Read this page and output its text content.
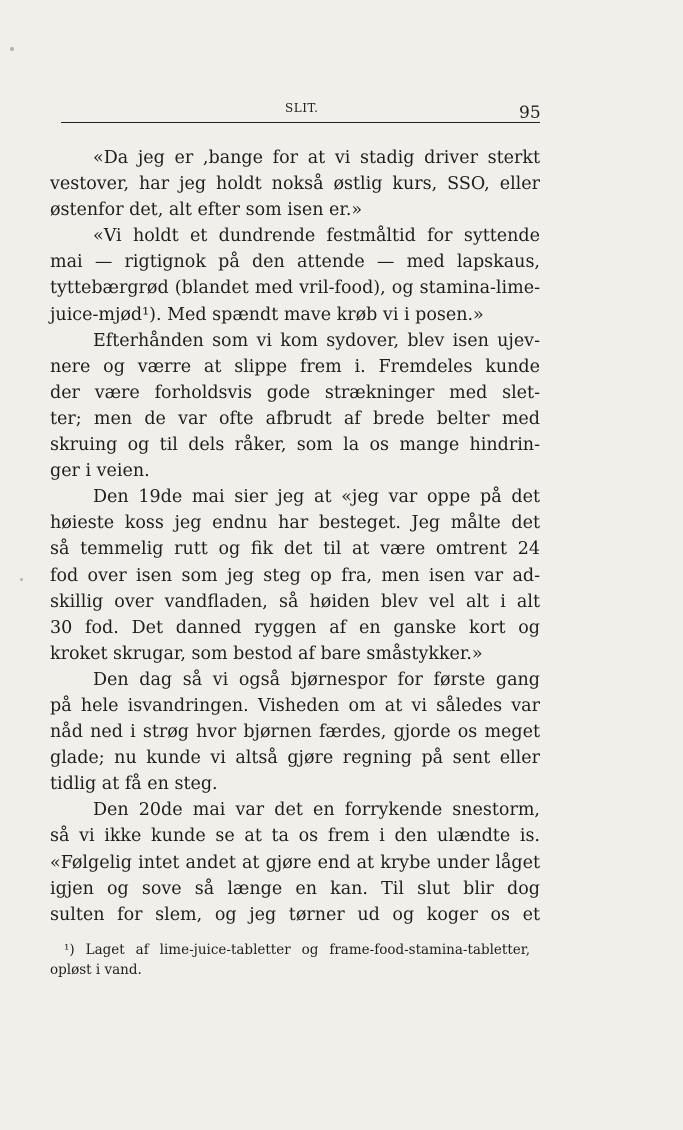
SLIT.	95
«Da jeg er ,bange for at vi stadig driver sterkt
vestover, har jeg holdt nokså østlig kurs, SSO, eller
østenfor det, alt efter som isen er.»
«Vi holdt et dundrende festmåltid for syttende
mai — rigtignok på den attende — med lapskaus,
tyttebærgrød (blandet med vril-food), og stamina-lime-
juice-mjød¹). Med spændt mave krøb vi i posen.»
Efterhånden som vi kom sydover, blev isen ujev-
nere og værre at slippe frem i. Fremdeles kunde
der være forholdsvis gode strækninger med slet-
ter; men de var ofte afbrudt af brede belter med
skruing og til dels råker, som la os mange hindrin-
ger i veien.
Den 19de mai sier jeg at «jeg var oppe på det
høieste koss jeg endnu har besteget. Jeg målte det
så temmelig rutt og fik det til at være omtrent 24
fod over isen som jeg steg op fra, men isen var ad-
skillig over vandfladen, så høiden blev vel alt i alt
30 fod. Det danned ryggen af en ganske kort og
kroket skrugar, som bestod af bare småstykker.»
Den dag så vi også bjørnespor for første gang
på hele isvandringen. Visheden om at vi således var
nåd ned i strøg hvor bjørnen færdes, gjorde os meget
glade; nu kunde vi altså gjøre regning på sent eller
tidlig at få en steg.
Den 20de mai var det en forrykende snestorm,
så vi ikke kunde se at ta os frem i den ulændte is.
«Følgelig intet andet at gjøre end at krybe under låget
igjen og sove så længe en kan. Til slut blir dog
sulten for slem, og jeg tørner ud og koger os et
¹) Laget af lime-juice-tabletter og frame-food-stamina-tabletter,
opløst i vand.
